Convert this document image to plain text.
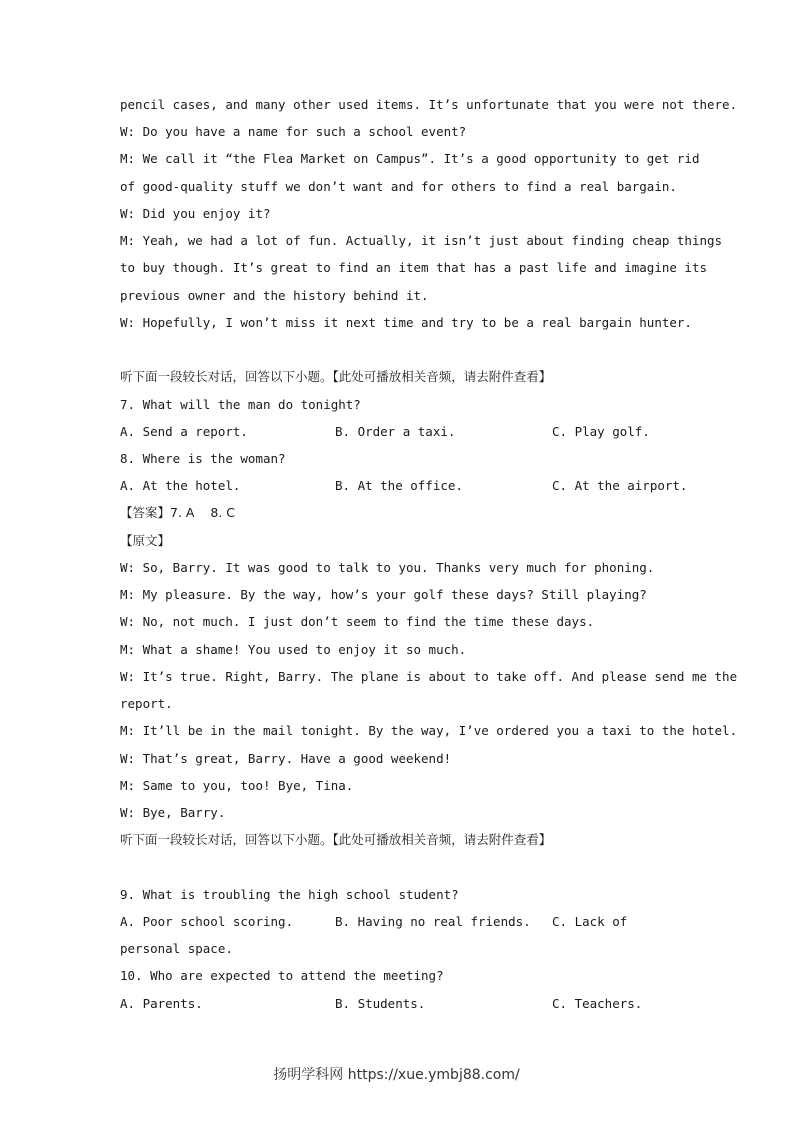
pencil cases, and many other used items. It’s unfortunate that you were not there.
W: Do you have a name for such a school event?
M: We call it “the Flea Market on Campus”. It’s a good opportunity to get rid
of good-quality stuff we don’t want and for others to find a real bargain.
W: Did you enjoy it?
M: Yeah, we had a lot of fun. Actually, it isn’t just about finding cheap things
to buy though. It’s great to find an item that has a past life and imagine its
previous owner and the history behind it.
W: Hopefully, I won’t miss it next time and try to be a real bargain hunter.
听下面一段较长对话，回答以下小题。【此处可播放相关音频，请去附件查看】
7. What will the man do tonight?
A. Send a report.	B. Order a taxi.	C. Play golf.
8. Where is the woman?
A. At the hotel.	B. At the office.	C. At the airport.
【答案】7. A    8. C
【原文】
W: So, Barry. It was good to talk to you. Thanks very much for phoning.
M: My pleasure. By the way, how’s your golf these days? Still playing?
W: No, not much. I just don’t seem to find the time these days.
M: What a shame! You used to enjoy it so much.
W: It’s true. Right, Barry. The plane is about to take off. And please send me the
report.
M: It’ll be in the mail tonight. By the way, I’ve ordered you a taxi to the hotel.
W: That’s great, Barry. Have a good weekend!
M: Same to you, too! Bye, Tina.
W: Bye, Barry.
听下面一段较长对话，回答以下小题。【此处可播放相关音频，请去附件查看】
9. What is troubling the high school student?
A. Poor school scoring.	B. Having no real friends. C. Lack of
personal space.
10. Who are expected to attend the meeting?
A. Parents.	B. Students.	C. Teachers.
扬明学科网 https://xue.ymbj88.com/
